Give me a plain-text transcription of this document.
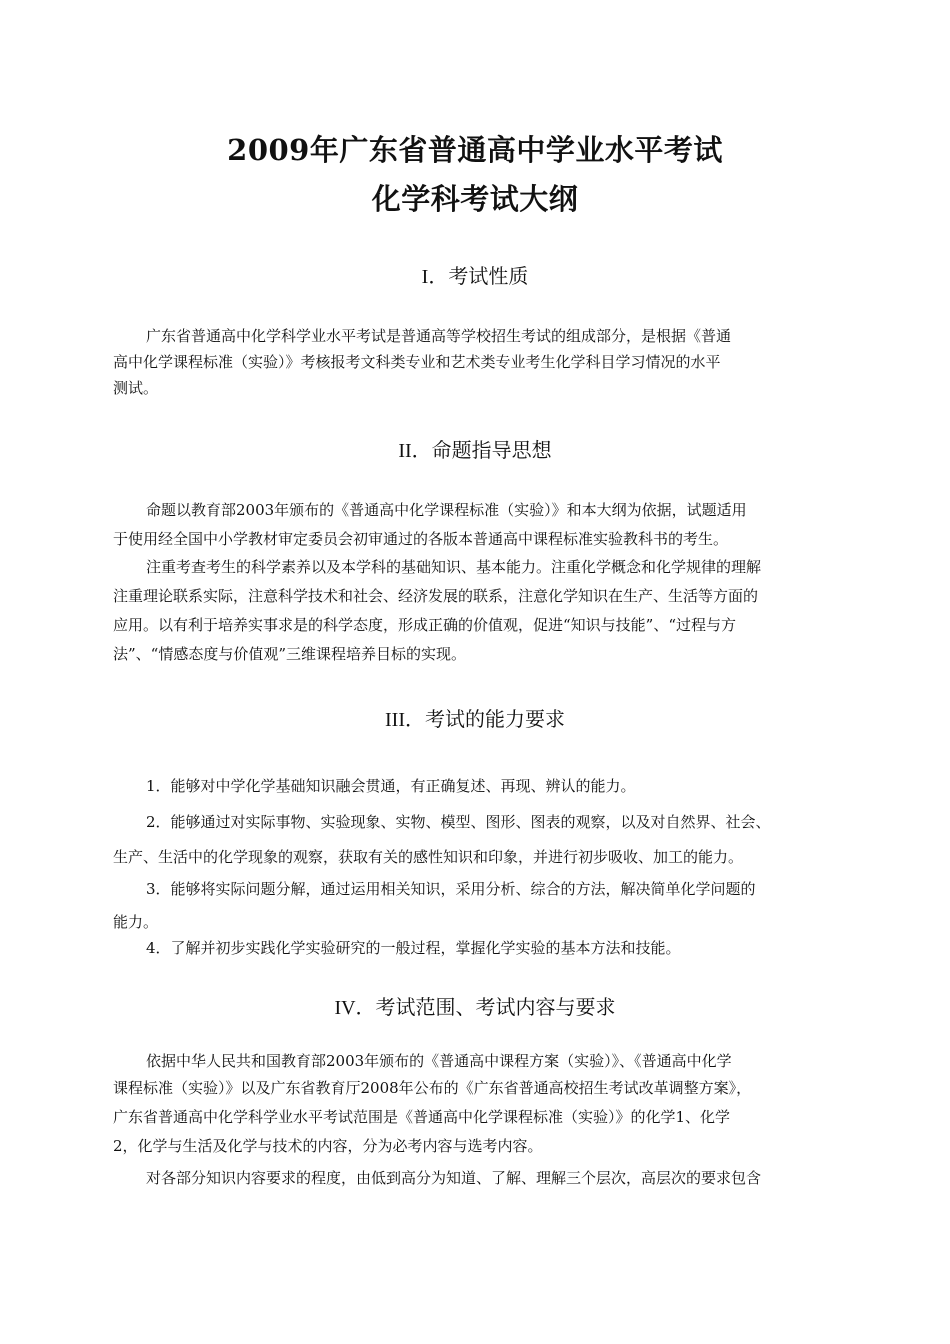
2009年广东省普通高中学业水平考试
化学科考试大纲
I．考试性质
广东省普通高中化学科学业水平考试是普通高等学校招生考试的组成部分，是根据《普通
高中化学课程标准（实验）》考核报考文科类专业和艺术类专业考生化学科目学习情况的水平
测试。
II．命题指导思想
命题以教育部2003年颁布的《普通高中化学课程标准（实验）》和本大纲为依据，试题适用
于使用经全国中小学教材审定委员会初审通过的各版本普通高中课程标准实验教科书的考生。
注重考查考生的科学素养以及本学科的基础知识、基本能力。注重化学概念和化学规律的理解
注重理论联系实际，注意科学技术和社会、经济发展的联系，注意化学知识在生产、生活等方面的
应用。以有利于培养实事求是的科学态度，形成正确的价值观，促进“知识与技能”、“过程与方
法”、“情感态度与价值观”三维课程培养目标的实现。
III．考试的能力要求
1．能够对中学化学基础知识融会贯通，有正确复述、再现、辨认的能力。
2．能够通过对实际事物、实验现象、实物、模型、图形、图表的观察，以及对自然界、社会、
生产、生活中的化学现象的观察，获取有关的感性知识和印象，并进行初步吸收、加工的能力。
3．能够将实际问题分解，通过运用相关知识，采用分析、综合的方法，解决简单化学问题的
能力。
4．了解并初步实践化学实验研究的一般过程，掌握化学实验的基本方法和技能。
IV．考试范围、考试内容与要求
依据中华人民共和国教育部2003年颁布的《普通高中课程方案（实验）》、《普通高中化学
课程标准（实验）》以及广东省教育厅2008年公布的《广东省普通高校招生考试改革调整方案》，
广东省普通高中化学科学业水平考试范围是《普通高中化学课程标准（实验）》的化学1、化学
2，化学与生活及化学与技术的内容，分为必考内容与选考内容。
对各部分知识内容要求的程度，由低到高分为知道、了解、理解三个层次，高层次的要求包含
